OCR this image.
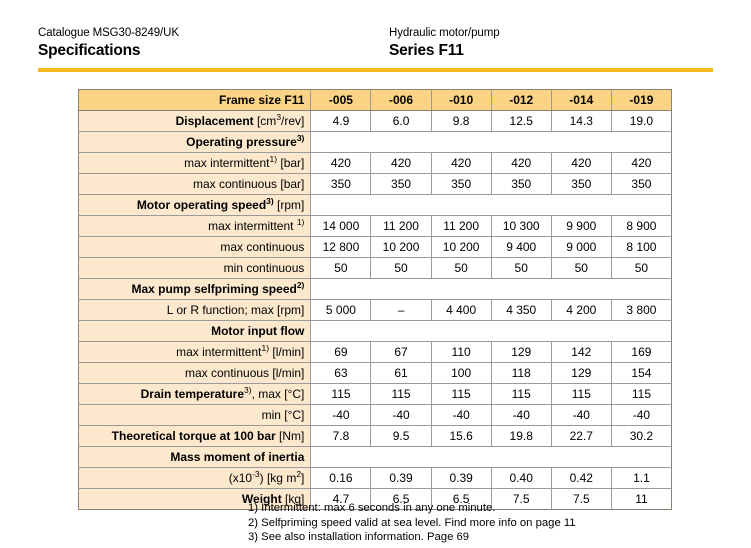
Catalogue MSG30-8249/UK
Specifications
Hydraulic motor/pump
Series F11
Frame size F11	-005	-006	-010	-012	-014	-019
Displacement $[cm^3/rev]$	4.9	6.0	9.8	12.5	14.3	19.0
Operating pressure$^{3)}$	
max intermittent$^{1)}$ [bar]	420	420	420	420	420	420
max continuous [bar]	350	350	350	350	350	350
Motor operating speed$^{3)}$ [rpm]						
max intermittent $^{1)}$	14 000	11 200	11 200	10 300	9 900	8 900
max continuous	12 800	10 200	10 200	9 400	9 000	8 100
min continuous	50	50	50	50	50	50
Max pump selfpriming speed$^{2)}$	
L or R function; max [rpm]	5 000	–	4 400	4 350	4 200	3 800
Motor input flow						
max intermittent$^{1)}$ [l/min]	69	67	110	129	142	169
max continuous [l/min]	63	61	100	118	129	154
Drain temperature$^{3)}$, max [°C]	115	115	115	115	115	115
min [°C]	-40	-40	-40	-40	-40	-40
Theoretical torque at 100 bar [Nm]	7.8	9.5	15.6	19.8	22.7	30.2
Mass moment of inertia						
$(x10^{-3})$ [kg $m^2$]	0.16	0.39	0.39	0.40	0.42	1.1
Weight [kg]	4.7	6.5	6.5	7.5	7.5	11
1) Intermittent: max 6 seconds in any one minute.
2) Selfpriming speed valid at sea level. Find more info on page 11
3) See also installation information. Page 69
